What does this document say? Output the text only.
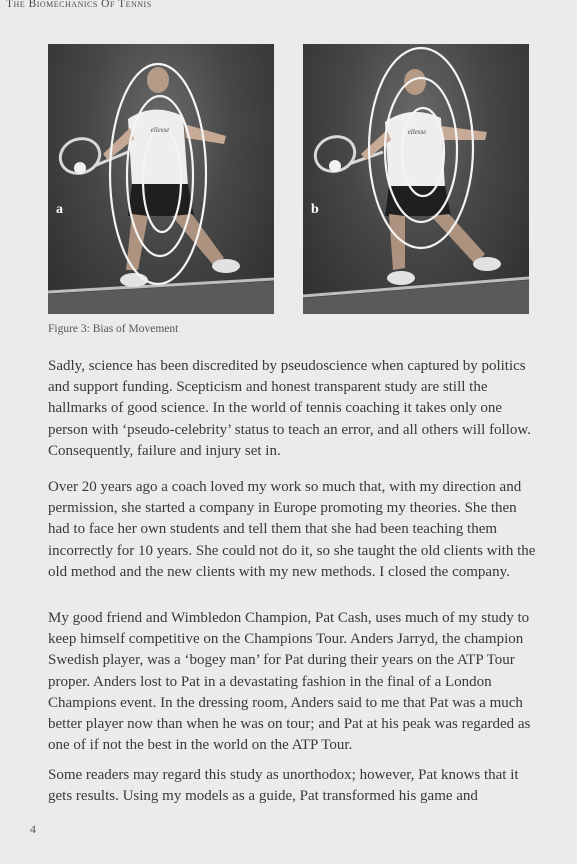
The Biomechanics Of Tennis
ellesse
a
ellesse
b
Figure 3: Bias of Movement

Sadly, science has been discredited by pseudoscience when captured by politics and support funding. Scepticism and honest transparent study are still the hallmarks of good science. In the world of tennis coaching it takes only one person with ‘pseudo-celebrity’ status to teach an error, and all others will follow. Consequently, failure and injury set in.

Over 20 years ago a coach loved my work so much that, with my direction and permission, she started a company in Europe promoting my theories. She then had to face her own students and tell them that she had been teaching them incorrectly for 10 years. She could not do it, so she taught the old clients with the old method and the new clients with my new methods. I closed the company.

My good friend and Wimbledon Champion, Pat Cash, uses much of my study to keep himself competitive on the Champions Tour. Anders Jarryd, the champion Swedish player, was a ‘bogey man’ for Pat during their years on the ATP Tour proper. Anders lost to Pat in a devastating fashion in the final of a London Champions event. In the dressing room, Anders said to me that Pat was a much better player now than when he was on tour; and Pat at his peak was regarded as one of if not the best in the world on the ATP Tour.

Some readers may regard this study as unorthodox; however, Pat knows that it gets results. Using my models as a guide, Pat transformed his game and

4
